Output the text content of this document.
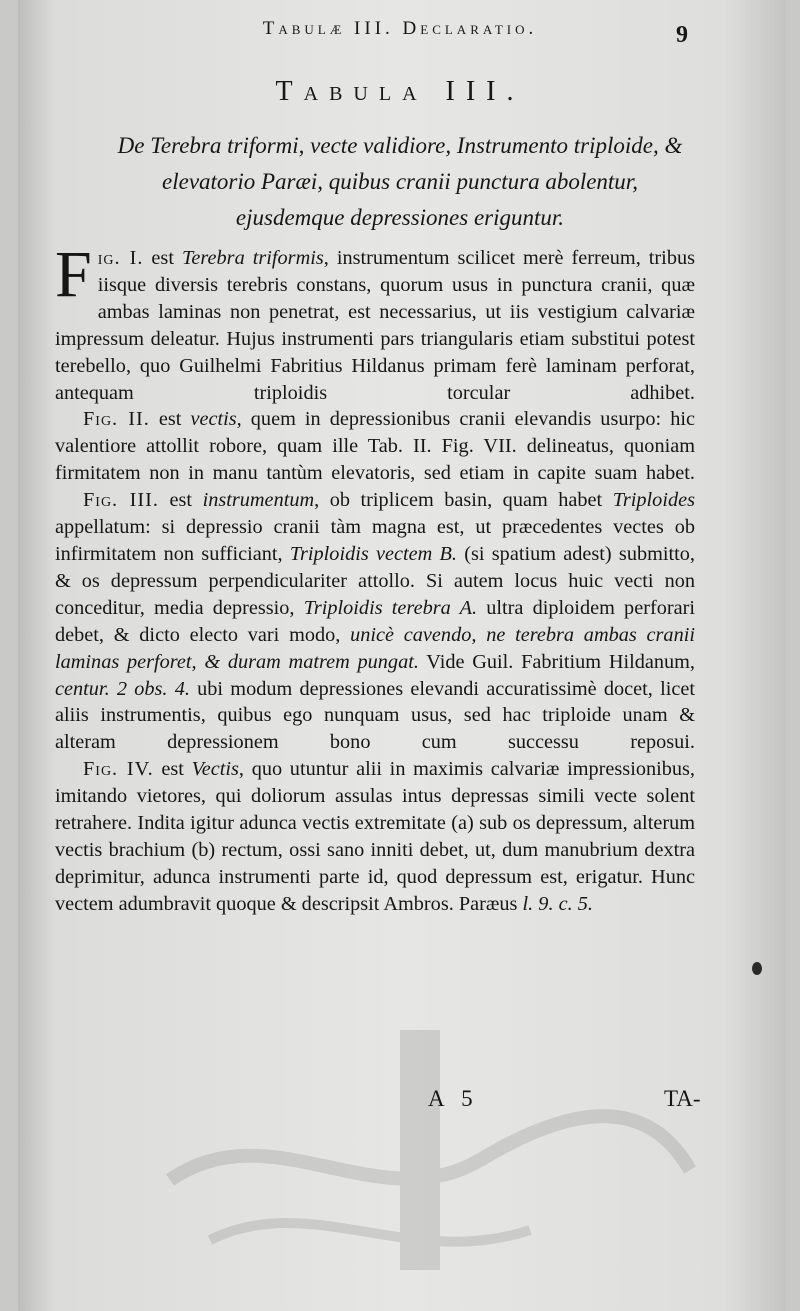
Tabulæ III. Declaratio.	9
Tabula III.
De Terebra triformi, vecte validiore, Instrumento triploide, &
elevatorio Paræi, quibus cranii punctura abolentur,
ejusdemque depressiones eriguntur.

Fig. I. est Terebra triformis, instrumentum scilicet merè ferreum, tribus iisque diversis terebris constans, quorum usus in punctura cranii, quæ ambas laminas non penetrat, est necessarius, ut iis vestigium calvariæ impressum deleatur. Hujus instrumenti pars triangularis etiam substitui potest terebello, quo Guilhelmi Fabritius Hildanus primam ferè laminam perforat, antequam triploidis torcular adhibet.

Fig. II. est vectis, quem in depressionibus cranii elevandis usurpo: hic valentiore attollit robore, quam ille Tab. II. Fig. VII. delineatus, quoniam firmitatem non in manu tantùm elevatoris, sed etiam in capite suam habet.

Fig. III. est instrumentum, ob triplicem basin, quam habet Triploides appellatum: si depressio cranii tàm magna est, ut præcedentes vectes ob infirmitatem non sufficiant, Triploidis vectem B. (si spatium adest) submitto, & os depressum perpendiculariter attollo. Si autem locus huic vecti non conceditur, media depressio, Triploidis terebra A. ultra diploidem perforari debet, & dicto electo vari modo, unicè cavendo, ne terebra ambas cranii laminas perforet, & duram matrem pungat. Vide Guil. Fabritium Hildanum, centur. 2 obs. 4. ubi modum depressiones elevandi accuratissimè docet, licet aliis instrumentis, quibus ego nunquam usus, sed hac triploide unam & alteram depressionem bono cum successu reposui.

Fig. IV. est Vectis, quo utuntur alii in maximis calvariæ impressionibus, imitando vietores, qui doliorum assulas intus depressas simili vecte solent retrahere. Indita igitur adunca vectis extremitate (a) sub os depressum, alterum vectis brachium (b) rectum, ossi sano inniti debet, ut, dum manubrium dextra deprimitur, adunca instrumenti parte id, quod depressum est, erigatur. Hunc vectem adumbravit quoque & descripsit Ambros. Paræus l. 9. c. 5.

A 5	TA-
